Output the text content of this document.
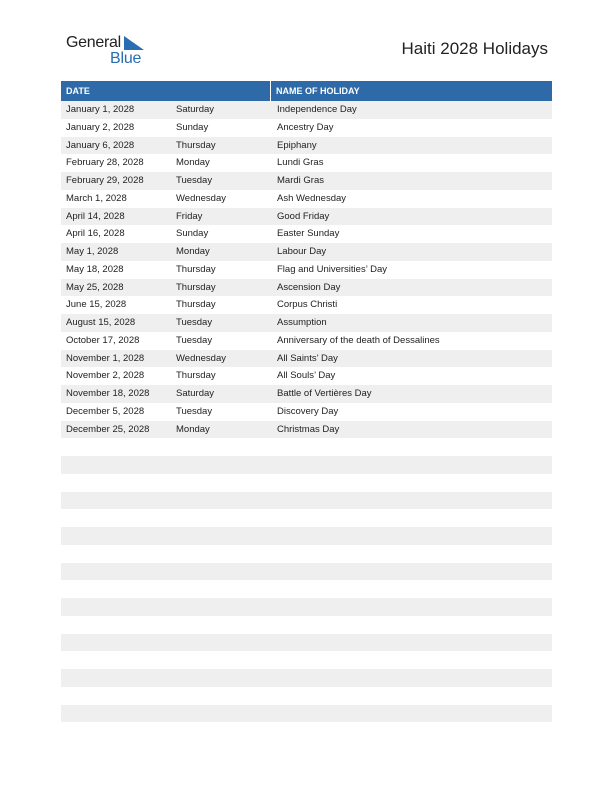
General
Blue
Haiti 2028 Holidays
DATE	NAME OF HOLIDAY
January 1, 2028	Saturday	Independence Day
January 2, 2028	Sunday	Ancestry Day
January 6, 2028	Thursday	Epiphany
February 28, 2028	Monday	Lundi Gras
February 29, 2028	Tuesday	Mardi Gras
March 1, 2028	Wednesday	Ash Wednesday
April 14, 2028	Friday	Good Friday
April 16, 2028	Sunday	Easter Sunday
May 1, 2028	Monday	Labour Day
May 18, 2028	Thursday	Flag and Universities’ Day
May 25, 2028	Thursday	Ascension Day
June 15, 2028	Thursday	Corpus Christi
August 15, 2028	Tuesday	Assumption
October 17, 2028	Tuesday	Anniversary of the death of Dessalines
November 1, 2028	Wednesday	All Saints’ Day
November 2, 2028	Thursday	All Souls’ Day
November 18, 2028	Saturday	Battle of Vertières Day
December 5, 2028	Tuesday	Discovery Day
December 25, 2028	Monday	Christmas Day
